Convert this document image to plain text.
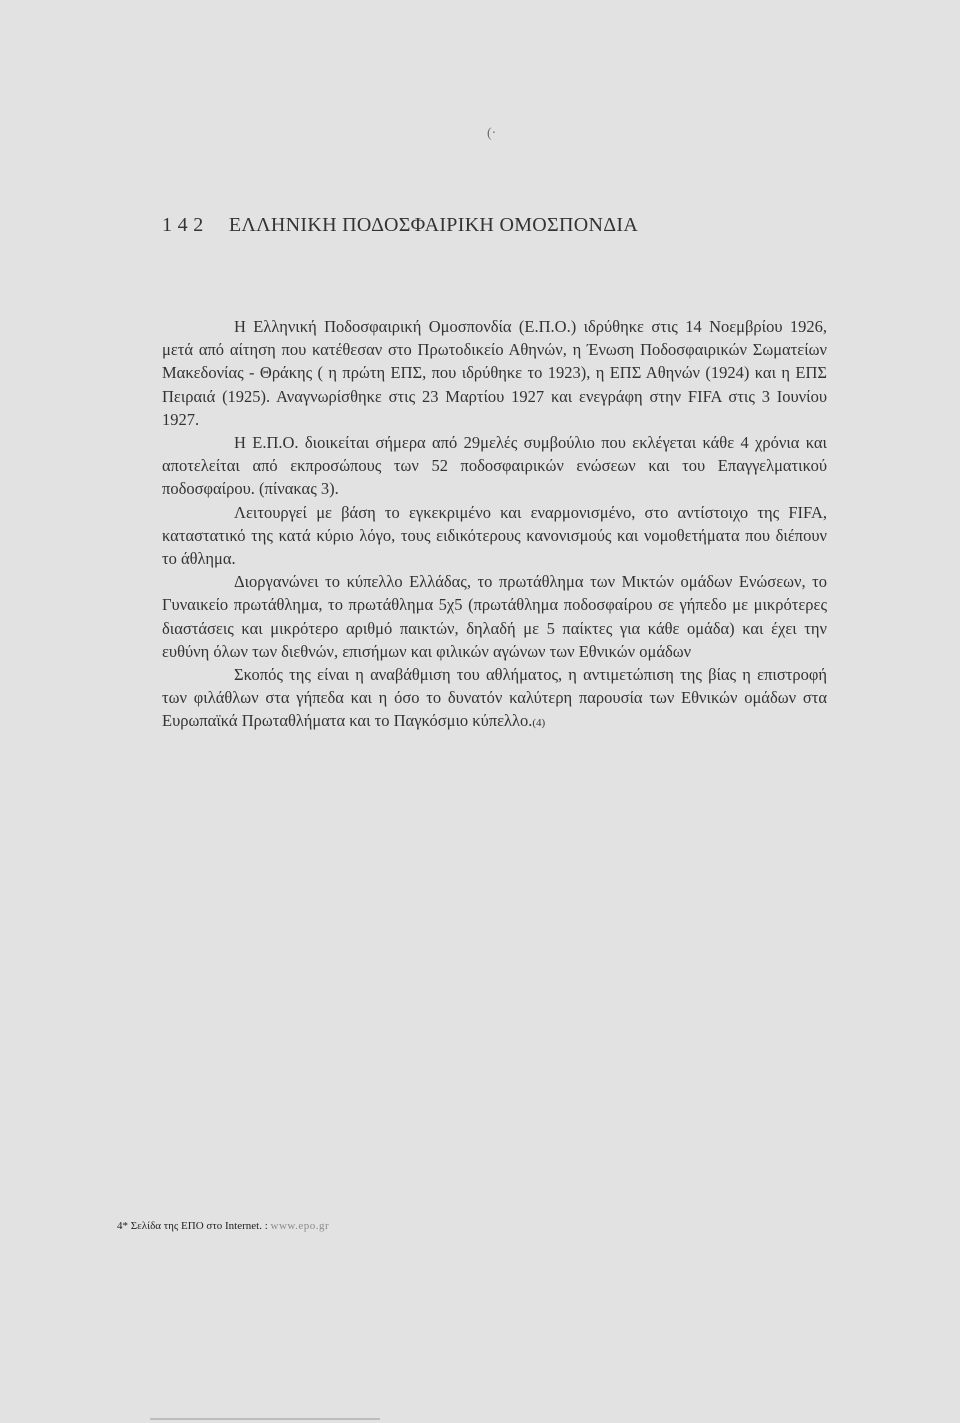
(·
1 4 2 ΕΛΛΗΝΙΚΗ ΠΟΔΟΣΦΑΙΡΙΚΗ ΟΜΟΣΠΟΝΔΙΑ

Η Ελληνική Ποδοσφαιρική Ομοσπονδία (Ε.Π.Ο.) ιδρύθηκε στις 14 Νοεμβρίου 1926, μετά από αίτηση που κατέθεσαν στο Πρωτοδικείο Αθηνών, η Ένωση Ποδοσφαιρικών Σωματείων Μακεδονίας - Θράκης ( η πρώτη ΕΠΣ, που ιδρύθηκε το 1923), η ΕΠΣ Αθηνών (1924) και η ΕΠΣ Πειραιά (1925). Αναγνωρίσθηκε στις 23 Μαρτίου 1927 και ενεγράφη στην FIFA στις 3 Ιουνίου 1927.

Η Ε.Π.Ο. διοικείται σήμερα από 29μελές συμβούλιο που εκλέγεται κάθε 4 χρόνια και αποτελείται από εκπροσώπους των 52 ποδοσφαιρικών ενώσεων και του Επαγγελματικού ποδοσφαίρου. (πίνακας 3).

Λειτουργεί με βάση το εγκεκριμένο και εναρμονισμένο, στο αντίστοιχο της FIFA, καταστατικό της κατά κύριο λόγο, τους ειδικότερους κανονισμούς και νομοθετήματα που διέπουν το άθλημα.

Διοργανώνει το κύπελλο Ελλάδας, το πρωτάθλημα των Μικτών ομάδων Ενώσεων, το Γυναικείο πρωτάθλημα, το πρωτάθλημα 5χ5 (πρωτάθλημα ποδοσφαίρου σε γήπεδο με μικρότερες διαστάσεις και μικρότερο αριθμό παικτών, δηλαδή με 5 παίκτες για κάθε ομάδα) και έχει την ευθύνη όλων των διεθνών, επισήμων και φιλικών αγώνων των Εθνικών ομάδων

Σκοπός της είναι η αναβάθμιση του αθλήματος, η αντιμετώπιση της βίας η επιστροφή των φιλάθλων στα γήπεδα και η όσο το δυνατόν καλύτερη παρουσία των Εθνικών ομάδων στα Ευρωπαϊκά Πρωταθλήματα και το Παγκόσμιο κύπελλο.(4)

4* Σελίδα της ΕΠΟ στο Internet. : www.epo.gr
